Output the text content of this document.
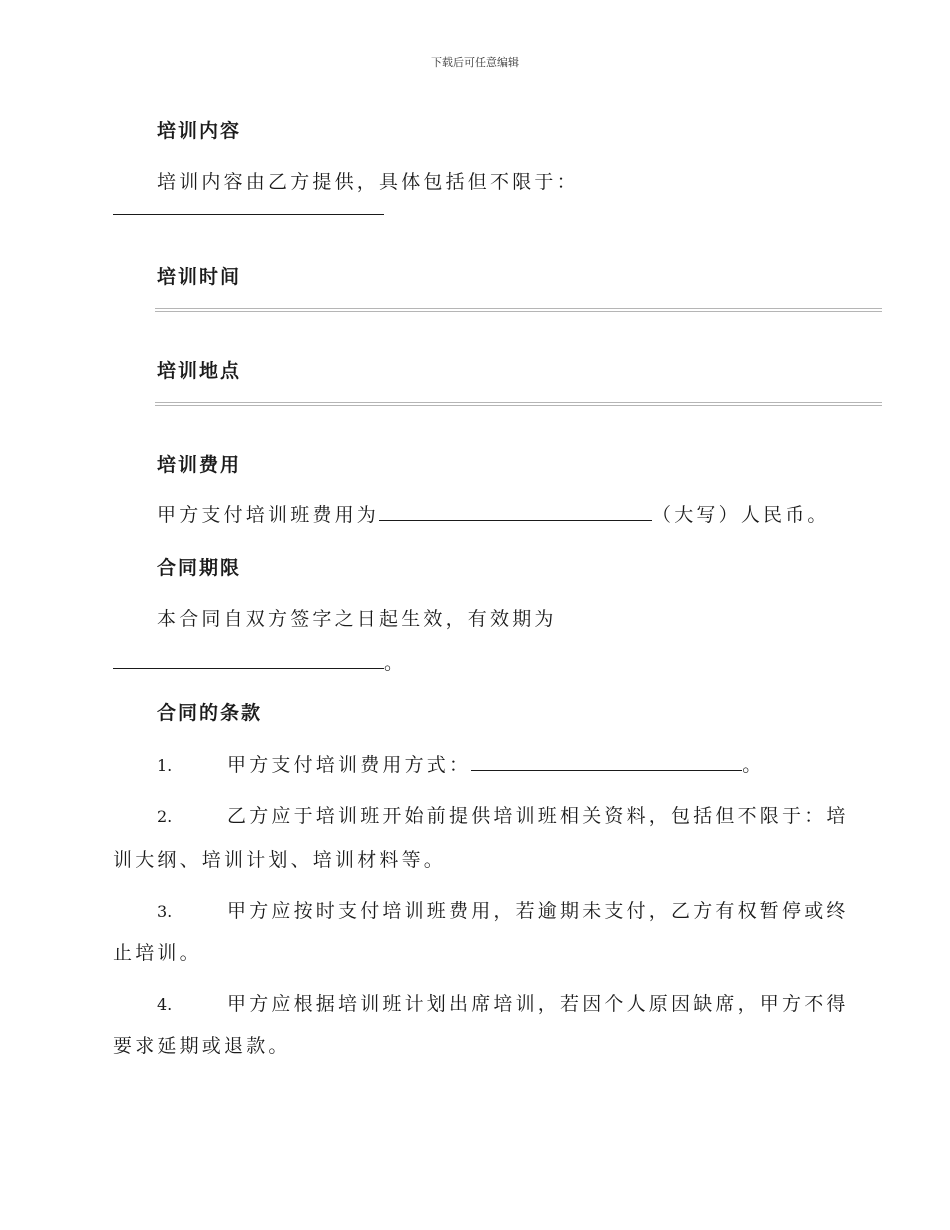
下载后可任意编辑
培训内容
培训内容由乙方提供，具体包括但不限于：
培训时间
培训地点
培训费用
甲方支付培训班费用为	（大写）人民币。
合同期限
本合同自双方签字之日起生效，有效期为
。
合同的条款
1.	甲方支付培训费用方式：	。
2.	乙方应于培训班开始前提供培训班相关资料，包括但不限于：培
训大纲、培训计划、培训材料等。
3.	甲方应按时支付培训班费用，若逾期未支付，乙方有权暂停或终
止培训。
4.	甲方应根据培训班计划出席培训，若因个人原因缺席，甲方不得
要求延期或退款。
